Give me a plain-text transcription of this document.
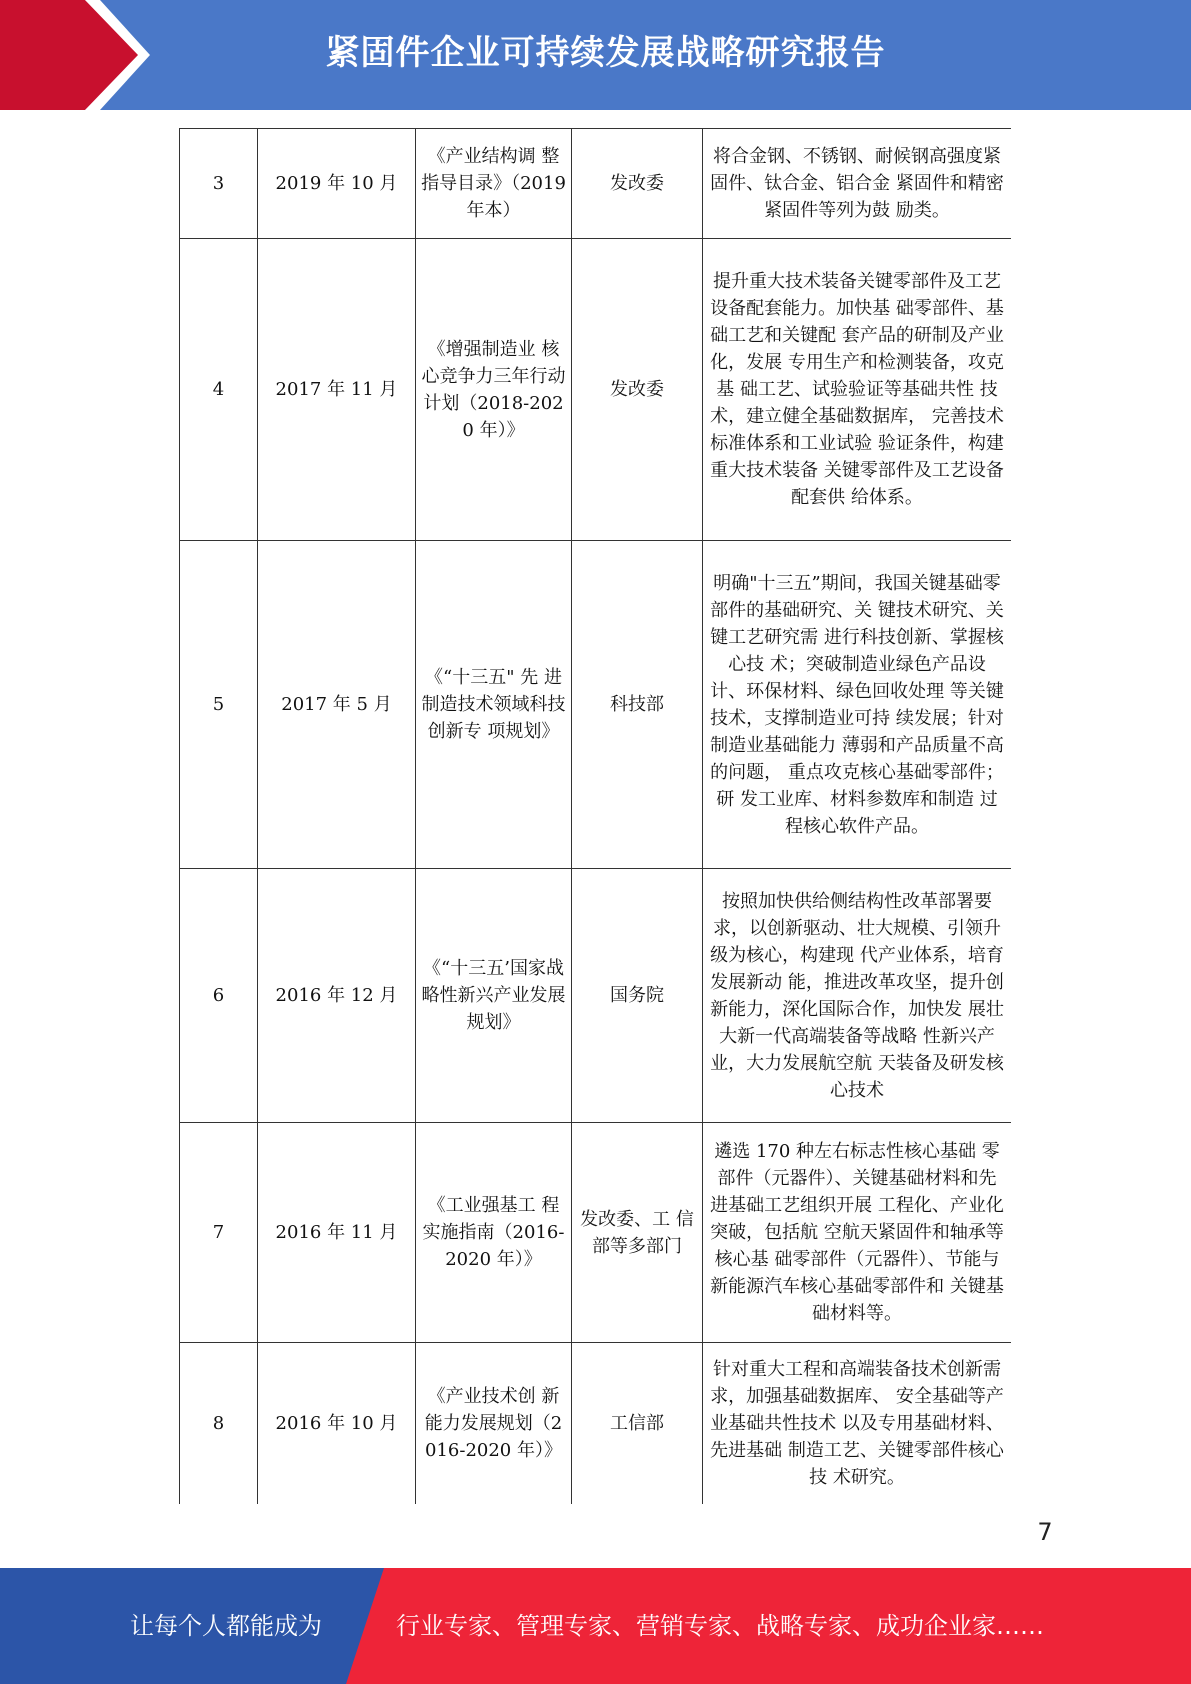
紧固件企业可持续发展战略研究报告
3	2019 年 10 月	《产业结构调 整指导目录》（2019 年本）	发改委	将合金钢、不锈钢、耐候钢高强度紧固件、钛合金、铝合金 紧固件和精密紧固件等列为鼓 励类。
4	2017 年 11 月	《增强制造业 核心竞争力三年行动计划（2018-2020 年）》	发改委	提升重大技术装备关键零部件及工艺设备配套能力。加快基 础零部件、基础工艺和关键配 套产品的研制及产业化，发展 专用生产和检测装备，攻克基 础工艺、试验验证等基础共性 技术，建立健全基础数据库， 完善技术标准体系和工业试验 验证条件，构建重大技术装备 关键零部件及工艺设备配套供 给体系。
5	2017 年 5 月	《“十三五" 先 进制造技术领域科技创新专 项规划》	科技部	明确"十三五”期间，我国关键基础零部件的基础研究、关 键技术研究、关键工艺研究需 进行科技创新、掌握核心技 术；突破制造业绿色产品设 计、环保材料、绿色回收处理 等关键技术，支撑制造业可持 续发展；针对制造业基础能力 薄弱和产品质量不高的问题， 重点攻克核心基础零部件；研 发工业库、材料参数库和制造 过程核心软件产品。
6	2016 年 12 月	《“十三五’国家战略性新兴产业发展规划》	国务院	按照加快供给侧结构性改革部署要求，以创新驱动、壮大规模、引领升级为核心，构建现 代产业体系，培育发展新动 能，推进改革攻坚，提升创新能力，深化国际合作，加快发 展壮大新一代高端装备等战略 性新兴产业，大力发展航空航 天装备及研发核心技术
7	2016 年 11 月	《工业强基工 程实施指南（2016-2020 年）》	发改委、工 信部等多部门	遴选 170 种左右标志性核心基础 零部件（元器件）、关键基础材料和先进基础工艺组织开展 工程化、产业化突破，包括航 空航天紧固件和轴承等核心基 础零部件（元器件）、节能与 新能源汽车核心基础零部件和 关键基础材料等。
8	2016 年 10 月	《产业技术创 新能力发展规划（2016-2020 年）》	工信部	针对重大工程和高端装备技术创新需求，加强基础数据库、 安全基础等产业基础共性技术 以及专用基础材料、先进基础 制造工艺、关键零部件核心技 术研究。
7
让每个人都能成为	行业专家、管理专家、营销专家、战略专家、成功企业家……
